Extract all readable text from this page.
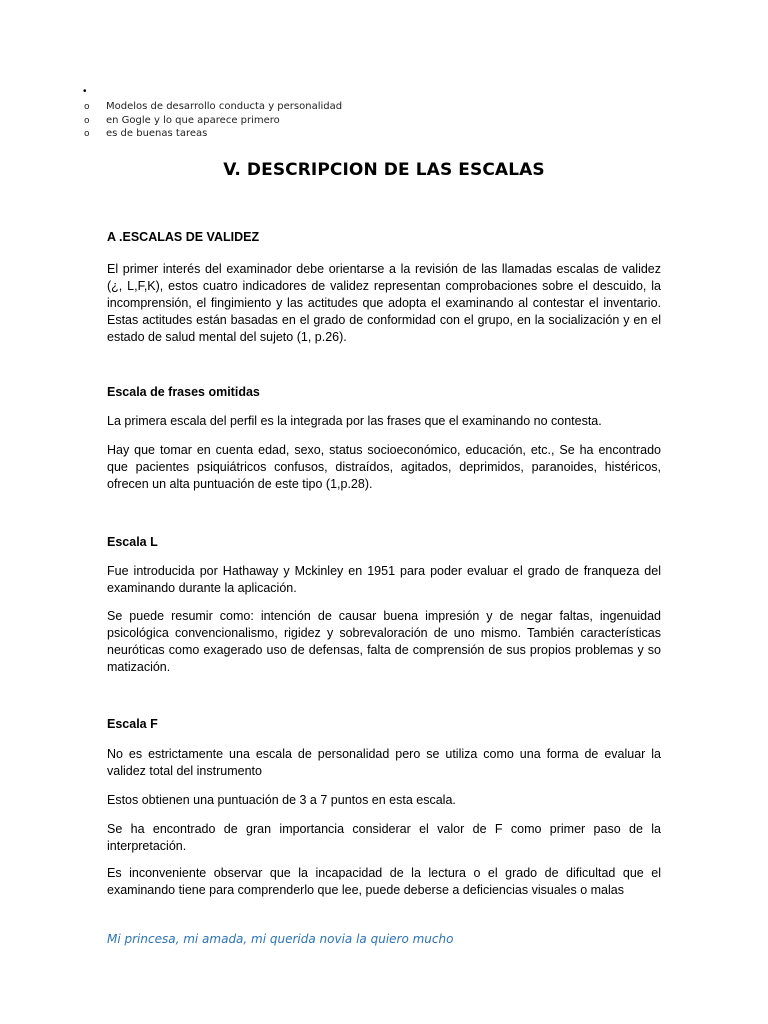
•
o Modelos de desarrollo conducta y personalidad
o en Gogle y lo que aparece primero
o es de buenas tareas
V. DESCRIPCION DE LAS ESCALAS
A .ESCALAS DE VALIDEZ
El primer interés del examinador debe orientarse a la revisión de las llamadas escalas de validez (¿, L,F,K), estos cuatro indicadores de validez representan comprobaciones sobre el descuido, la incomprensión, el fingimiento y las actitudes que adopta el examinando al contestar el inventario. Estas actitudes están basadas en el grado de conformidad con el grupo, en la socialización y en el estado de salud mental del sujeto (1, p.26).
Escala de frases omitidas
La primera escala del perfil es la integrada por las frases que el examinando no contesta.
Hay que tomar en cuenta edad, sexo, status socioeconómico, educación, etc., Se ha encontrado que pacientes psiquiátricos confusos, distraídos, agitados, deprimidos, paranoides, histéricos, ofrecen un alta puntuación de este tipo (1,p.28).
Escala L
Fue introducida por Hathaway y Mckinley en 1951 para poder evaluar el grado de franqueza del examinando durante la aplicación.
Se puede resumir como: intención de causar buena impresión y de negar faltas, ingenuidad psicológica convencionalismo, rigidez y sobrevaloración de uno mismo. También características neuróticas como exagerado uso de defensas, falta de comprensión de sus propios problemas y so matización.
Escala F
No es estrictamente una escala de personalidad pero se utiliza como una forma de evaluar la validez total del instrumento
Estos obtienen una puntuación de 3 a 7 puntos en esta escala.
Se ha encontrado de gran importancia considerar el valor de F como primer paso de la interpretación.
Es inconveniente observar que la incapacidad de la lectura o el grado de dificultad que el examinando tiene para comprenderlo que lee, puede deberse a deficiencias visuales o malas
Mi princesa, mi amada, mi querida novia la quiero mucho
